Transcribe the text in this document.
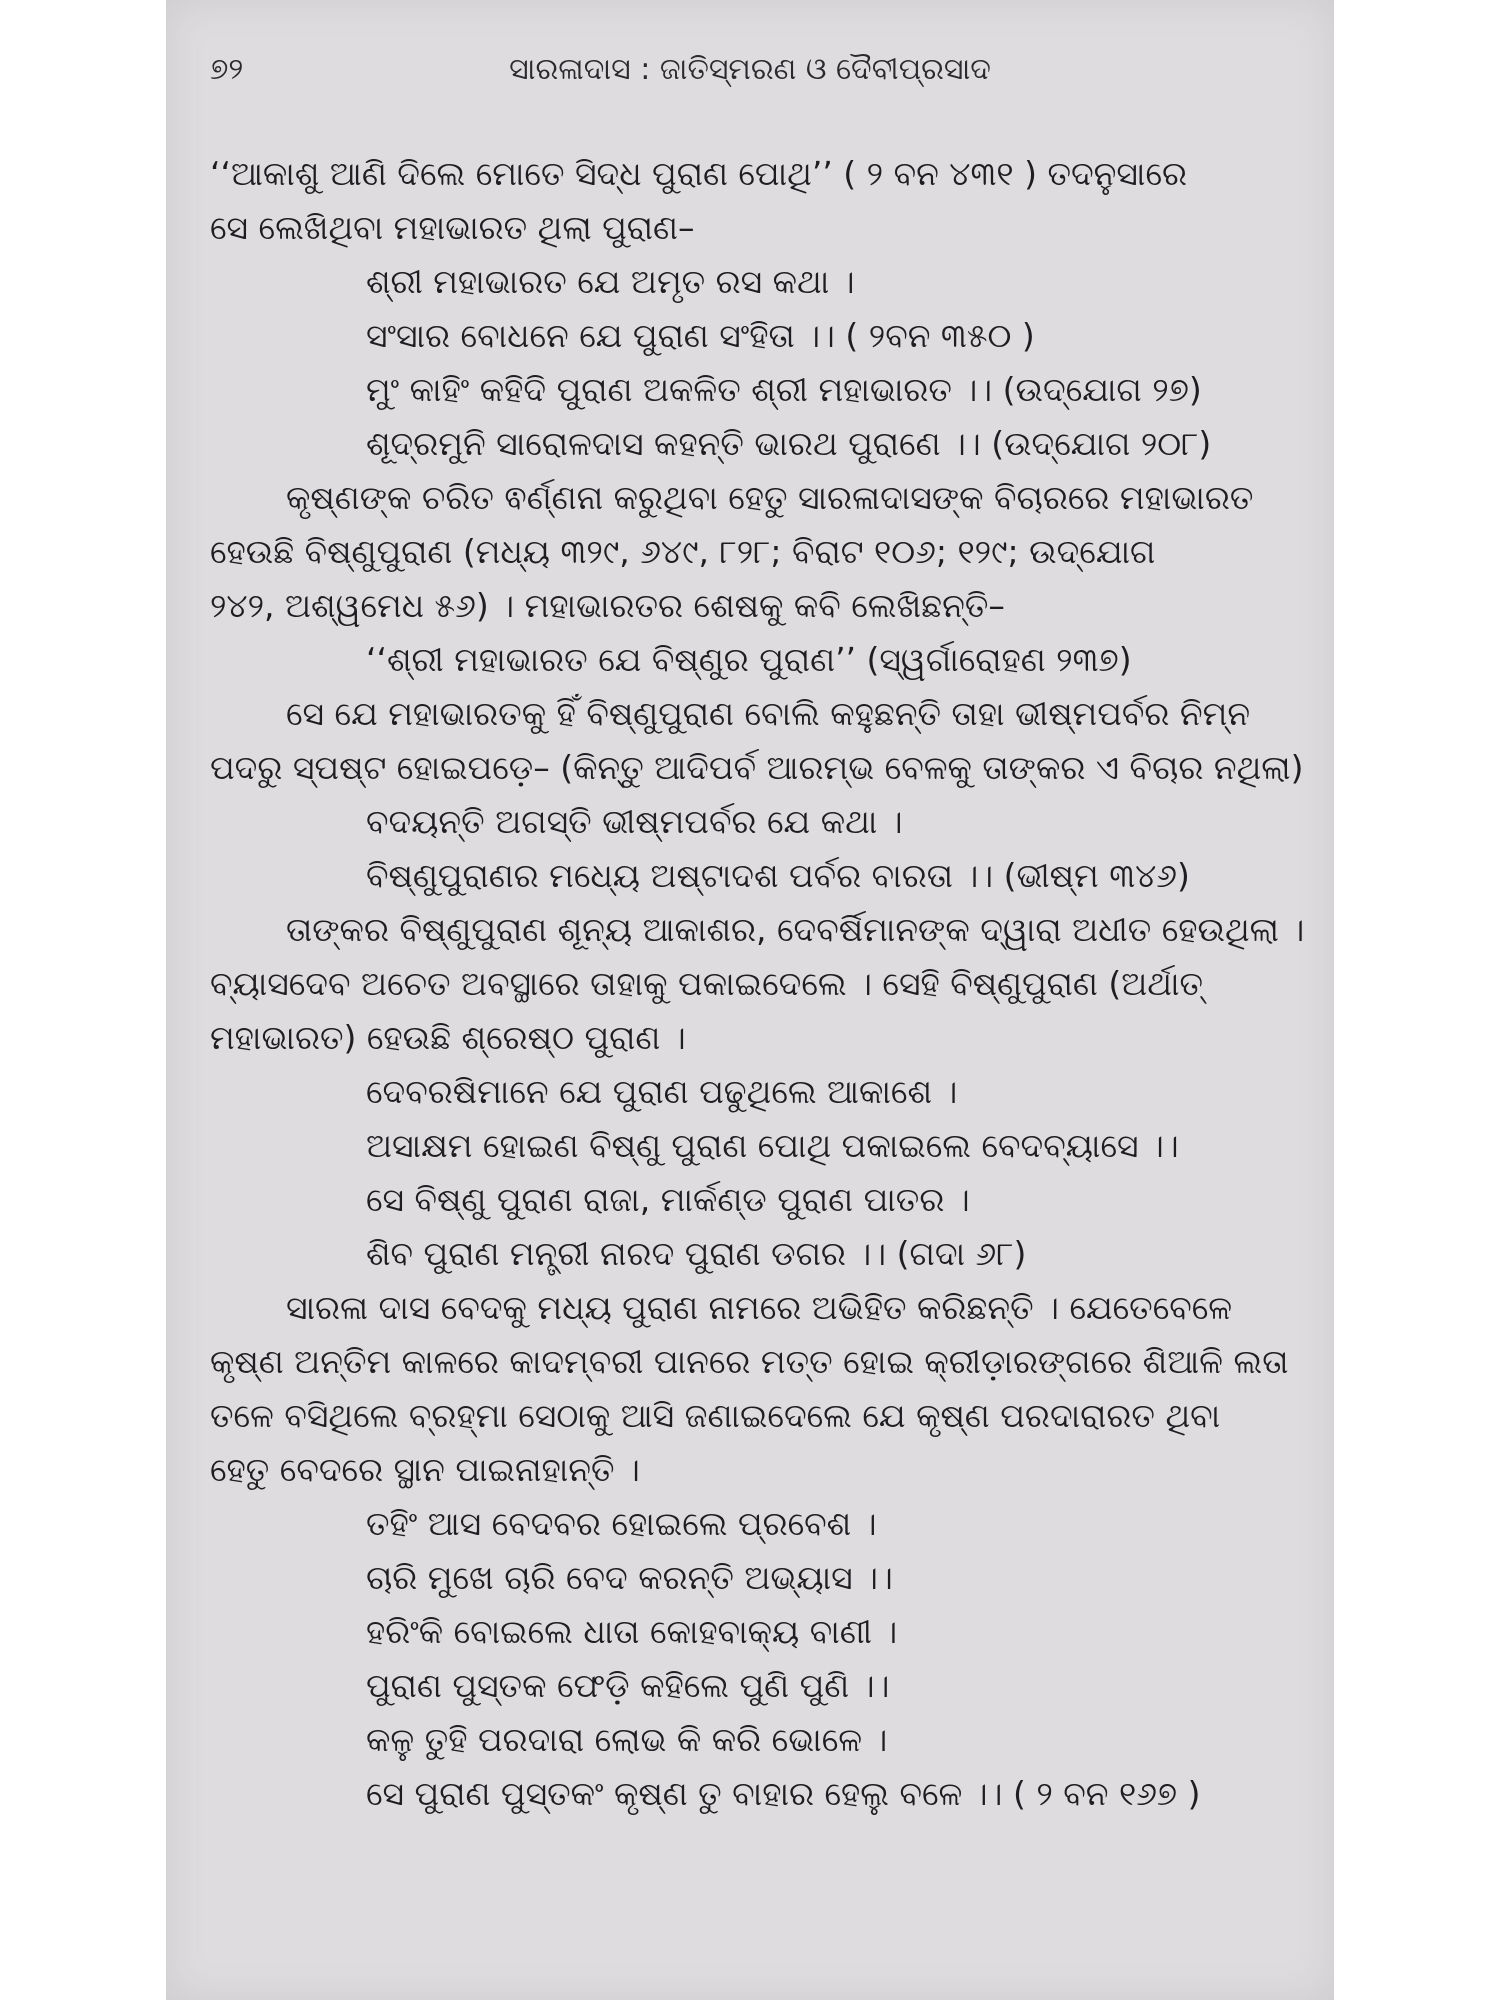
୭୨	ସାରଳାଦାସ : ଜାତିସ୍ମରଣ ଓ ଦୈବୀପ୍ରସାଦ
‘‘ଆକାଶୁ ଆଣି ଦିଲେ ମୋତେ ସିଦ୍ଧ ପୁରାଣ ପୋଥି’’ ( ୨ ବନ ୪୩୧ ) ତଦନୁସାରେ
ସେ ଲେଖିଥିବା ମହାଭାରତ ଥିଲା ପୁରାଣ–
ଶ୍ରୀ ମହାଭାରତ ଯେ ଅମୃତ ରସ କଥା ।
ସଂସାର ବୋଧନେ ଯେ ପୁରାଣ ସଂହିତା ।। ( ୨ବନ ୩୫୦ )
ମୁଂ କାହିଂ କହିଦି ପୁରାଣ ଅକଳିତ ଶ୍ରୀ ମହାଭାରତ ।। (ଉଦ୍‌ଯୋଗ ୨୭)
ଶୂଦ୍ରମୁନି ସାରୋଳଦାସ କହନ୍ତି ଭାରଥ ପୁରାଣେ ।। (ଉଦ୍‌ଯୋଗ ୨୦୮)
କୃଷ୍ଣଙ୍କ ଚରିତ ଵର୍ଣ୍ଣନା କରୁଥିବା ହେତୁ ସାରଳାଦାସଙ୍କ ବିଚାରରେ ମହାଭାରତ
ହେଉଛି ବିଷ୍ଣୁପୁରାଣ (ମଧ୍ୟ ୩୨୯, ୬୪୯, ୮୨୮; ବିରାଟ ୧୦୬; ୧୨୯; ଉଦ୍‌ଯୋଗ
୨୪୨, ଅଶ୍ୱମେଧ ୫୬) । ମହାଭାରତର ଶେଷକୁ କବି ଲେଖିଛନ୍ତି–
‘‘ଶ୍ରୀ ମହାଭାରତ ଯେ ବିଷ୍ଣୁର ପୁରାଣ’’ (ସ୍ୱର୍ଗାରୋହଣ ୨୩୭)
ସେ ଯେ ମହାଭାରତକୁ ହିଁ ବିଷ୍ଣୁପୁରାଣ ବୋଲି କହୁଛନ୍ତି ତାହା ଭୀଷ୍ମପର୍ବର ନିମ୍ନ
ପଦରୁ ସ୍ପଷ୍ଟ ହୋଇପଡ଼େ– (କିନ୍ତୁ ଆଦିପର୍ବ ଆରମ୍ଭ ବେଳକୁ ତାଙ୍କର ଏ ବିଚାର ନଥିଲା)
ବଦୟନ୍ତି ଅଗସ୍ତି ଭୀଷ୍ମପର୍ବର ଯେ କଥା ।
ବିଷ୍ଣୁପୁରାଣର ମଧ୍ୟେ ଅଷ୍ଟାଦଶ ପର୍ବର ବାରତା ।। (ଭୀଷ୍ମ ୩୪୬)
ତାଙ୍କର ବିଷ୍ଣୁପୁରାଣ ଶୂନ୍ୟ ଆକାଶର, ଦେବର୍ଷିମାନଙ୍କ ଦ୍ୱାରା ଅଧୀତ ହେଉଥିଲା ।
ବ୍ୟାସଦେବ ଅଚେତ ଅବସ୍ଥାରେ ତାହାକୁ ପକାଇଦେଲେ । ସେହି ବିଷ୍ଣୁପୁରାଣ (ଅର୍ଥାତ୍
ମହାଭାରତ) ହେଉଛି ଶ୍ରେଷ୍ଠ ପୁରାଣ ।
ଦେବରଷିମାନେ ଯେ ପୁରାଣ ପଢୁଥିଲେ ଆକାଶେ ।
ଅସାକ୍ଷମ ହୋଇଣ ବିଷ୍ଣୁ ପୁରାଣ ପୋଥି ପକାଇଲେ ବେଦବ୍ୟାସେ ।।
ସେ ବିଷ୍ଣୁ ପୁରାଣ ରାଜା, ମାର୍କଣ୍ଡ ପୁରାଣ ପାତର ।
ଶିବ ପୁରାଣ ମନ୍ତ୍ରୀ ନାରଦ ପୁରାଣ ଡଗର ।। (ଗଦା ୬୮)
ସାରଳା ଦାସ ବେଦକୁ ମଧ୍ୟ ପୁରାଣ ନାମରେ ଅଭିହିତ କରିଛନ୍ତି । ଯେତେବେଳେ
କୃଷ୍ଣ ଅନ୍ତିମ କାଳରେ କାଦମ୍ବରୀ ପାନରେ ମତ୍ତ ହୋଇ କ୍ରୀଡ଼ାରଙ୍ଗରେ ଶିଆଳି ଲତା
ତଳେ ବସିଥିଲେ ବ୍ରହ୍ମା ସେଠାକୁ ଆସି ଜଣାଇଦେଲେ ଯେ କୃଷ୍ଣ ପରଦାରାରତ ଥିବା
ହେତୁ ବେଦରେ ସ୍ଥାନ ପାଇନାହାନ୍ତି ।
ତହିଂ ଆସ ବେଦବର ହୋଇଲେ ପ୍ରବେଶ ।
ଚାରି ମୁଖେ ଚାରି ବେଦ କରନ୍ତି ଅଭ୍ୟାସ ।।
ହରିଂକି ବୋଇଲେ ଧାତା କୋହବାକ୍ୟ ବାଣୀ ।
ପୁରାଣ ପୁସ୍ତକ ଫେଡ଼ି କହିଲେ ପୁଣି ପୁଣି ।।
କଳୁ ତୁହି ପରଦାରା ଲୋଭ କି କରି ଭୋଳେ ।
ସେ ପୁରାଣ ପୁସ୍ତକଂ କୃଷ୍ଣ ତୁ ବାହାର ହେଲୁ ବଳେ ।। ( ୨ ବନ ୧୬୭ )
